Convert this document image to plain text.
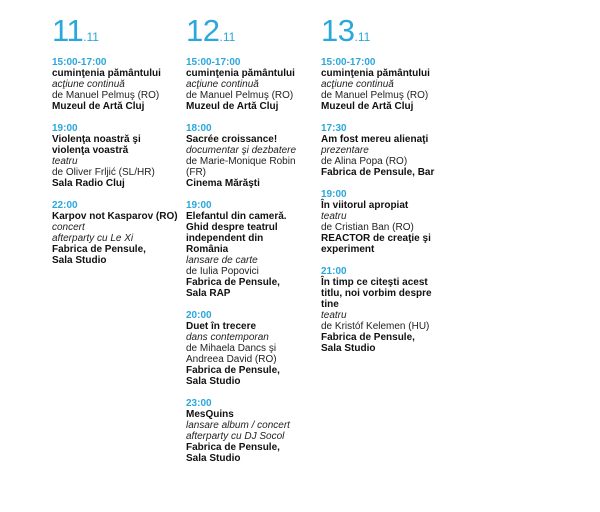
11.11
15:00-17:00
cuminţenia pământului
acţiune continuă
de Manuel Pelmuş (RO)
Muzeul de Artă Cluj
19:00
Violenţa noastră şi
violenţa voastră
teatru
de Oliver Frljić (SL/HR)
Sala Radio Cluj
22:00
Karpov not Kasparov (RO)
concert
afterparty cu Le Xi
Fabrica de Pensule,
Sala Studio
12.11
15:00-17:00
cuminţenia pământului
acţiune continuă
de Manuel Pelmuş (RO)
Muzeul de Artă Cluj
18:00
Sacrée croissance!
documentar şi dezbatere
de Marie-Monique Robin
(FR)
Cinema Mărăşti
19:00
Elefantul din cameră.
Ghid despre teatrul
independent din
România
lansare de carte
de Iulia Popovici
Fabrica de Pensule,
Sala RAP
20:00
Duet în trecere
dans contemporan
de Mihaela Dancs şi
Andreea David (RO)
Fabrica de Pensule,
Sala Studio
23:00
MesQuins
lansare album / concert
afterparty cu DJ Socol
Fabrica de Pensule,
Sala Studio
13.11
15:00-17:00
cuminţenia pământului
acţiune continuă
de Manuel Pelmuş (RO)
Muzeul de Artă Cluj
17:30
Am fost mereu alienaţi
prezentare
de Alina Popa (RO)
Fabrica de Pensule, Bar
19:00
În viitorul apropiat
teatru
de Cristian Ban (RO)
REACTOR de creaţie şi
experiment
21:00
În timp ce citeşti acest
titlu, noi vorbim despre
tine
teatru
de Kristóf Kelemen (HU)
Fabrica de Pensule,
Sala Studio
